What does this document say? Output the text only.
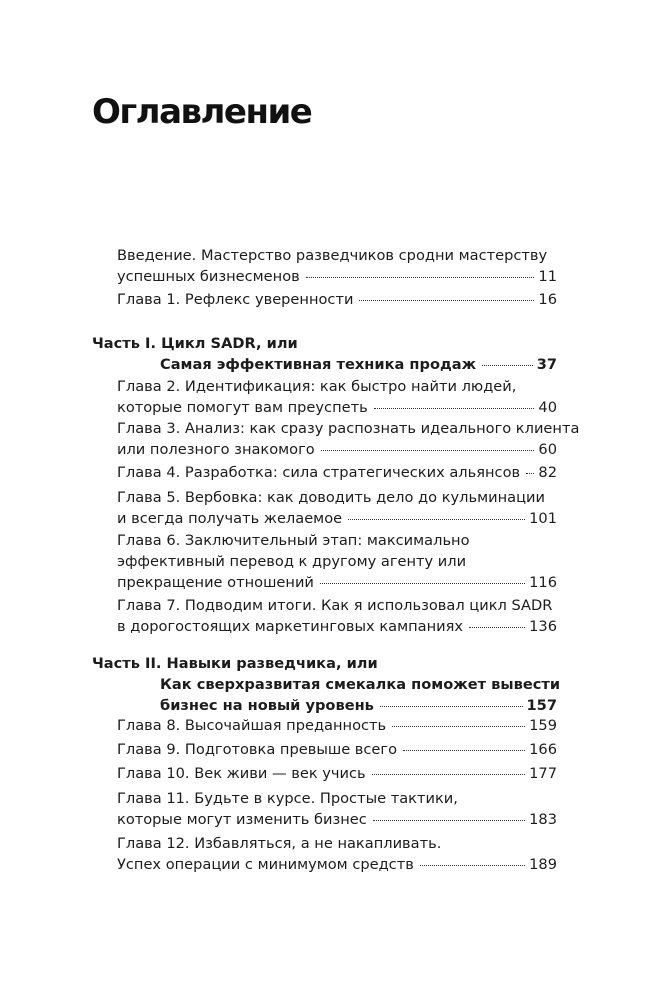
Оглавление
Введение. Мастерство разведчиков сродни мастерству
успешных бизнесменов	11
Глава 1. Рефлекс уверенности	16
Часть I. Цикл SADR, или
Самая эффективная техника продаж	37
Глава 2. Идентификация: как быстро найти людей,
которые помогут вам преуспеть	40
Глава 3. Анализ: как сразу распознать идеального клиента
или полезного знакомого	60
Глава 4. Разработка: сила стратегических альянсов 82
Глава 5. Вербовка: как доводить дело до кульминации
и всегда получать желаемое	101
Глава 6. Заключительный этап: максимально
эффективный перевод к другому агенту или
прекращение отношений	116
Глава 7. Подводим итоги. Как я использовал цикл SADR
в дорогостоящих маркетинговых кампаниях	136
Часть II. Навыки разведчика, или
Как сверхразвитая смекалка поможет вывести
бизнес на новый уровень	157
Глава 8. Высочайшая преданность	159
Глава 9. Подготовка превыше всего	166
Глава 10. Век живи — век учись	177
Глава 11. Будьте в курсе. Простые тактики,
которые могут изменить бизнес	183
Глава 12. Избавляться, а не накапливать.
Успех операции с минимумом средств	189
